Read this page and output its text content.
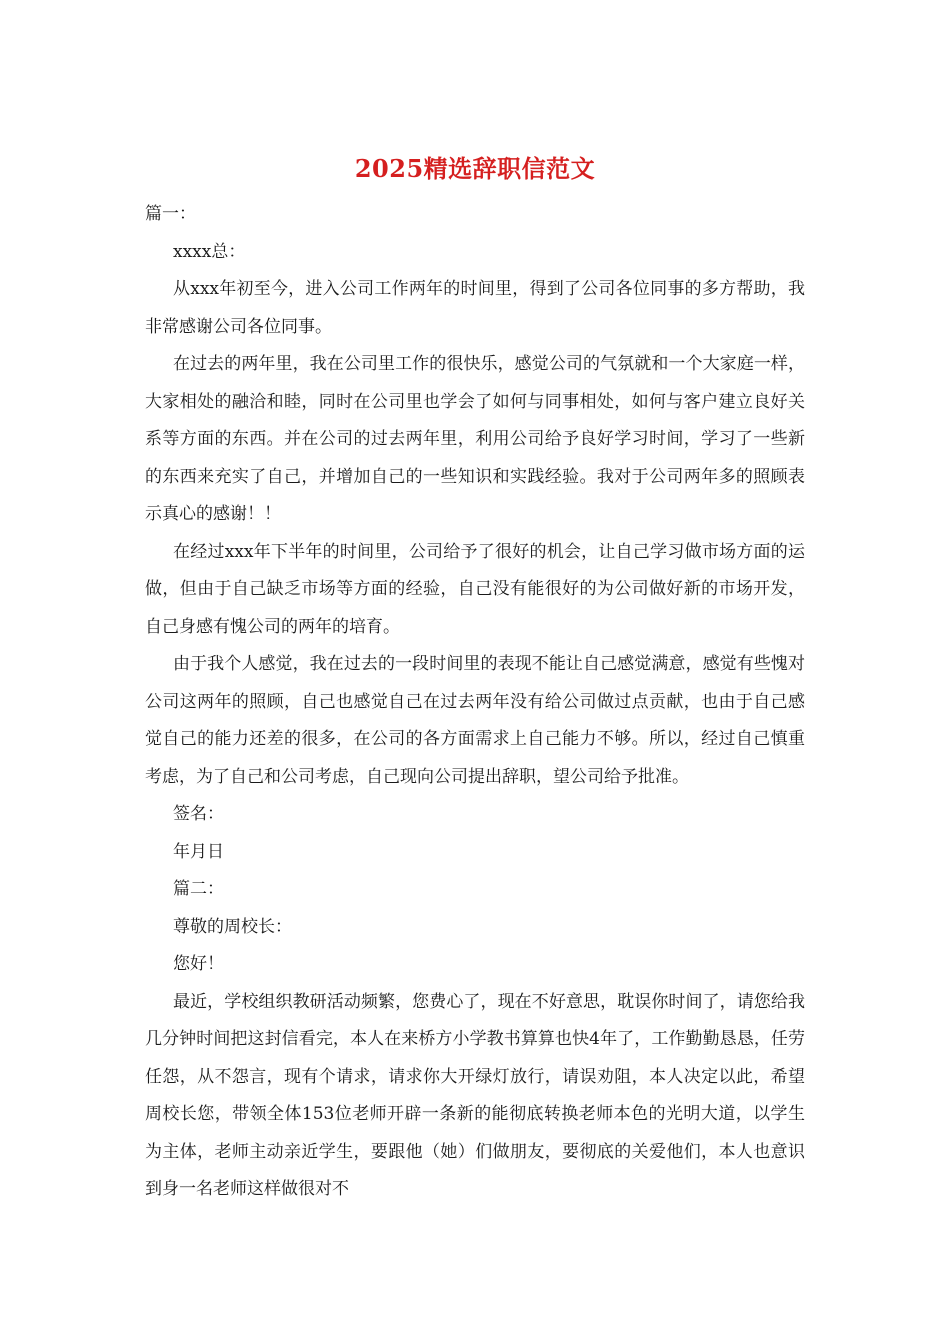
2025精选辞职信范文

篇一：

xxxx总：

从xxx年初至今，进入公司工作两年的时间里，得到了公司各位同事的多方帮助，我非常感谢公司各位同事。

在过去的两年里，我在公司里工作的很快乐，感觉公司的气氛就和一个大家庭一样，大家相处的融洽和睦，同时在公司里也学会了如何与同事相处，如何与客户建立良好关系等方面的东西。并在公司的过去两年里，利用公司给予良好学习时间，学习了一些新的东西来充实了自己，并增加自己的一些知识和实践经验。我对于公司两年多的照顾表示真心的感谢！！

在经过xxx年下半年的时间里，公司给予了很好的机会，让自己学习做市场方面的运做，但由于自己缺乏市场等方面的经验，自己没有能很好的为公司做好新的市场开发，自己身感有愧公司的两年的培育。

由于我个人感觉，我在过去的一段时间里的表现不能让自己感觉满意，感觉有些愧对公司这两年的照顾，自己也感觉自己在过去两年没有给公司做过点贡献，也由于自己感觉自己的能力还差的很多，在公司的各方面需求上自己能力不够。所以，经过自己慎重考虑，为了自己和公司考虑，自己现向公司提出辞职，望公司给予批准。

签名：

年月日

篇二：

尊敬的周校长：

您好！

最近，学校组织教研活动频繁，您费心了，现在不好意思，耽误你时间了，请您给我几分钟时间把这封信看完，本人在来桥方小学教书算算也快4年了，工作勤勤恳恳，任劳任怨，从不怨言，现有个请求，请求你大开绿灯放行，请误劝阻，本人决定以此，希望周校长您，带领全体153位老师开辟一条新的能彻底转换老师本色的光明大道，以学生为主体，老师主动亲近学生，要跟他（她）们做朋友，要彻底的关爱他们，本人也意识到身一名老师这样做很对不
